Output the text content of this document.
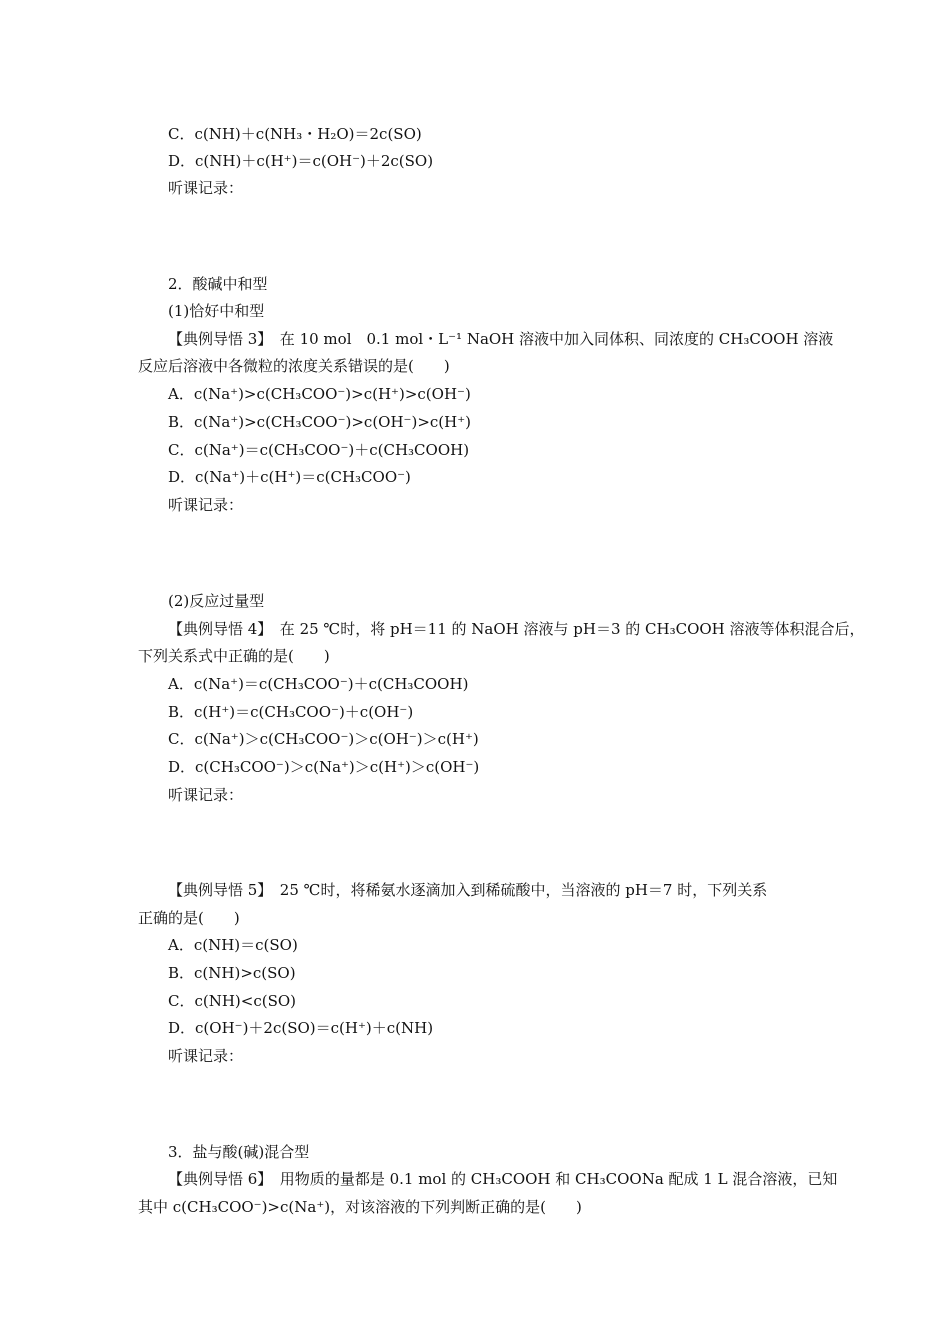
C．c(NH)＋c(NH₃・H₂O)＝2c(SO)
D．c(NH)＋c(H⁺)＝c(OH⁻)＋2c(SO)
听课记录：
2．酸碱中和型
(1)恰好中和型
【典例导悟 3】　在 10 mol　0.1 mol・L⁻¹ NaOH 溶液中加入同体积、同浓度的 CH₃COOH 溶液
反应后溶液中各微粒的浓度关系错误的是(　　)
A．c(Na⁺)>c(CH₃COO⁻)>c(H⁺)>c(OH⁻)
B．c(Na⁺)>c(CH₃COO⁻)>c(OH⁻)>c(H⁺)
C．c(Na⁺)＝c(CH₃COO⁻)＋c(CH₃COOH)
D．c(Na⁺)＋c(H⁺)＝c(CH₃COO⁻)
听课记录：
(2)反应过量型
【典例导悟 4】　在 25 ℃时，将 pH＝11 的 NaOH 溶液与 pH＝3 的 CH₃COOH 溶液等体积混合后，
下列关系式中正确的是(　　)
A．c(Na⁺)＝c(CH₃COO⁻)＋c(CH₃COOH)
B．c(H⁺)＝c(CH₃COO⁻)＋c(OH⁻)
C．c(Na⁺)＞c(CH₃COO⁻)＞c(OH⁻)＞c(H⁺)
D．c(CH₃COO⁻)＞c(Na⁺)＞c(H⁺)＞c(OH⁻)
听课记录：
【典例导悟 5】　25 ℃时，将稀氨水逐滴加入到稀硫酸中，当溶液的 pH＝7 时，下列关系
正确的是(　　)
A．c(NH)＝c(SO)
B．c(NH)>c(SO)
C．c(NH)<c(SO)
D．c(OH⁻)＋2c(SO)＝c(H⁺)＋c(NH)
听课记录：
3．盐与酸(碱)混合型
【典例导悟 6】　用物质的量都是 0.1 mol 的 CH₃COOH 和 CH₃COONa 配成 1 L 混合溶液，已知
其中 c(CH₃COO⁻)>c(Na⁺)，对该溶液的下列判断正确的是(　　)
